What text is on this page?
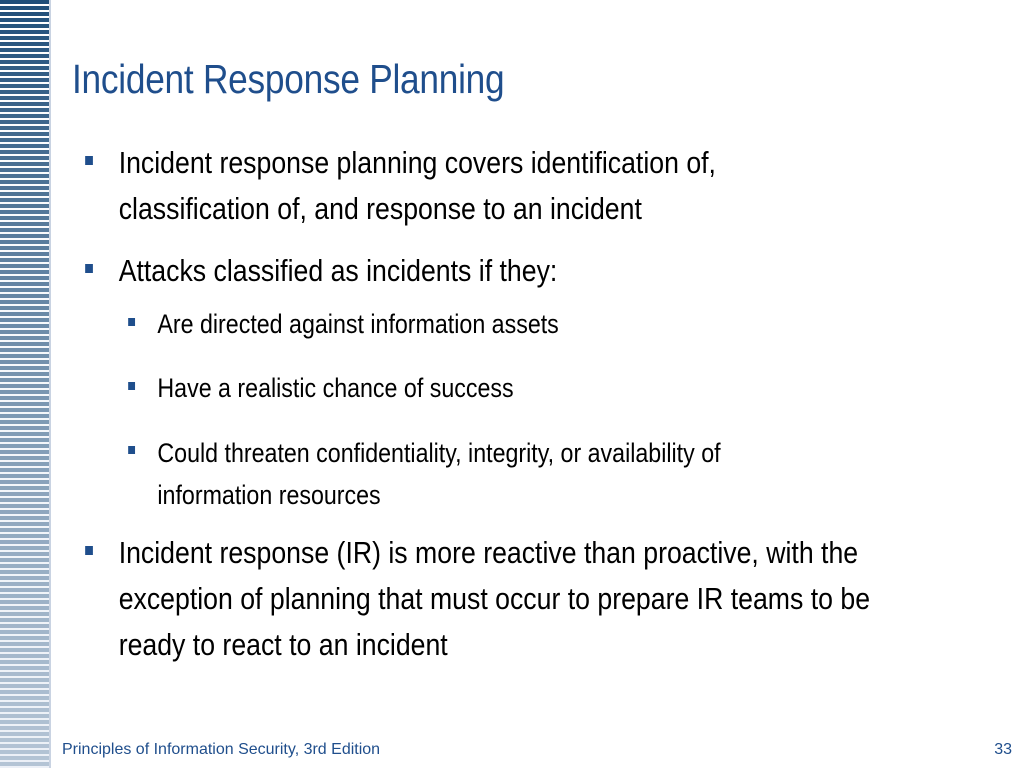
Incident Response Planning
Incident response planning covers identification of,
classification of, and response to an incident
Attacks classified as incidents if they:
Are directed against information assets
Have a realistic chance of success
Could threaten confidentiality, integrity, or availability of
information resources
Incident response (IR) is more reactive than proactive, with the
exception of planning that must occur to prepare IR teams to be
ready to react to an incident
Principles of Information Security, 3rd Edition	33
